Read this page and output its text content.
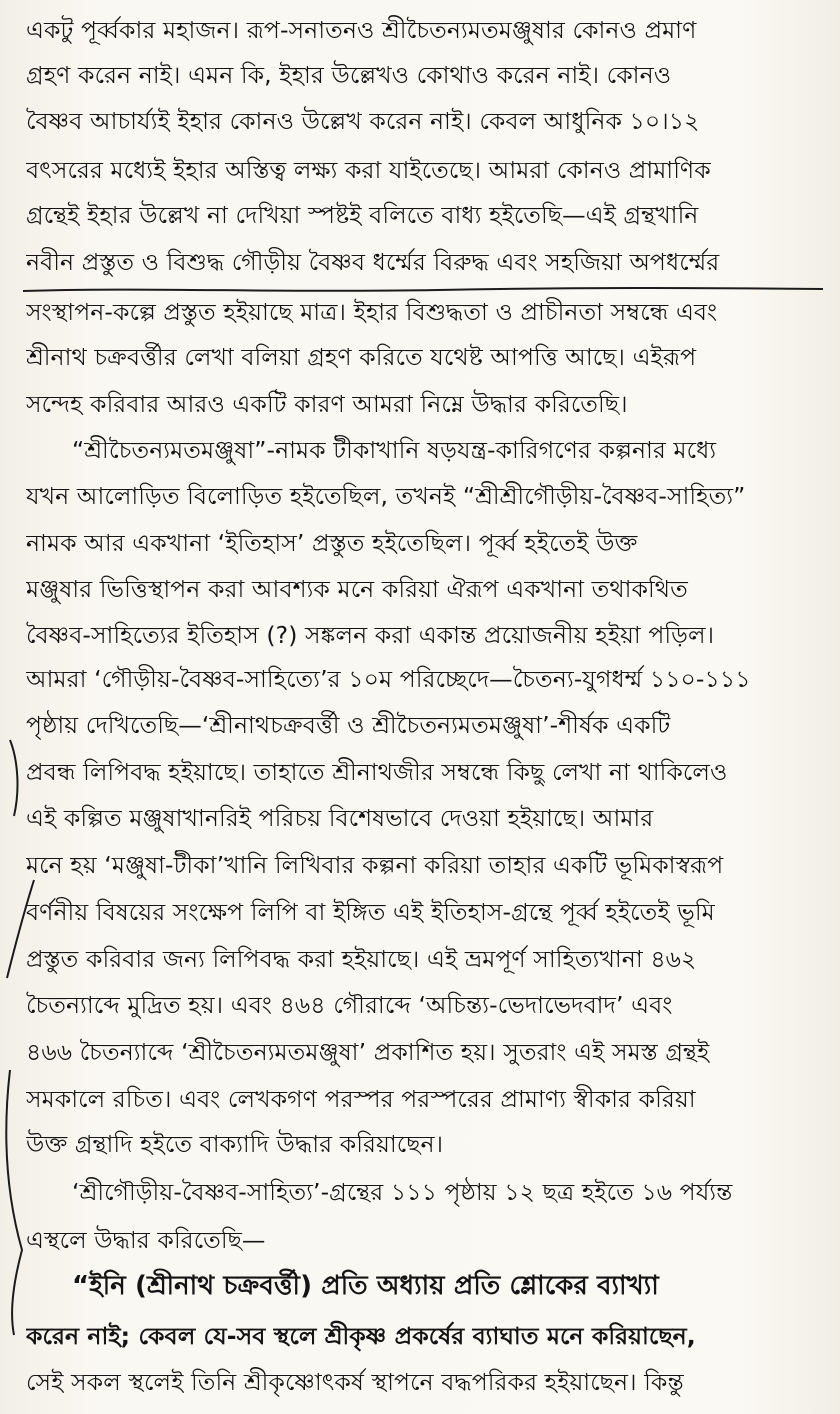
একটু পূর্ব্বকার মহাজন। রূপ-সনাতনও শ্রীচৈতন্যমতমঞ্জুষার কোনও প্রমাণ
গ্রহণ করেন নাই। এমন কি, ইহার উল্লেখও কোথাও করেন নাই। কোনও
বৈষ্ণব আচার্য্যই ইহার কোনও উল্লেখ করেন নাই। কেবল আধুনিক ১০।১২
বৎসরের মধ্যেই ইহার অস্তিত্ব লক্ষ্য করা যাইতেছে। আমরা কোনও প্রামাণিক
গ্রন্থেই ইহার উল্লেখ না দেখিয়া স্পষ্টই বলিতে বাধ্য হইতেছি—এই গ্রন্থখানি
নবীন প্রস্তুত ও বিশুদ্ধ গৌড়ীয় বৈষ্ণব ধর্ম্মের বিরুদ্ধ এবং সহজিয়া অপধর্ম্মের
সংস্থাপন-কল্পে প্রস্তুত হইয়াছে মাত্র। ইহার বিশুদ্ধতা ও প্রাচীনতা সম্বন্ধে এবং
শ্রীনাথ চক্রবর্ত্তীর লেখা বলিয়া গ্রহণ করিতে যথেষ্ট আপত্তি আছে। এইরূপ
সন্দেহ করিবার আরও একটি কারণ আমরা নিম্নে উদ্ধার করিতেছি।
“শ্রীচৈতন্যমতমঞ্জুষা”-নামক টীকাখানি ষড়যন্ত্র-কারিগণের কল্পনার মধ্যে
যখন আলোড়িত বিলোড়িত হইতেছিল, তখনই “শ্রীশ্রীগৌড়ীয়-বৈষ্ণব-সাহিত্য”
নামক আর একখানা ‘ইতিহাস’ প্রস্তুত হইতেছিল। পূর্ব্ব হইতেই উক্ত
মঞ্জুষার ভিত্তিস্থাপন করা আবশ্যক মনে করিয়া ঐরূপ একখানা তথাকথিত
বৈষ্ণব-সাহিত্যের ইতিহাস (?) সঙ্কলন করা একান্ত প্রয়োজনীয় হইয়া পড়িল।
আমরা ‘গৌড়ীয়-বৈষ্ণব-সাহিত্যে’র ১০ম পরিচ্ছেদে—চৈতন্য-যুগধর্ম্ম ১১০-১১১
পৃষ্ঠায় দেখিতেছি—‘শ্রীনাথচক্রবর্ত্তী ও শ্রীচৈতন্যমতমঞ্জুষা’-শীর্ষক একটি
প্রবন্ধ লিপিবদ্ধ হইয়াছে। তাহাতে শ্রীনাথজীর সম্বন্ধে কিছু লেখা না থাকিলেও
এই কল্পিত মঞ্জুষাখানরিই পরিচয় বিশেষভাবে দেওয়া হইয়াছে। আমার
মনে হয় ‘মঞ্জুষা-টীকা’খানি লিখিবার কল্পনা করিয়া তাহার একটি ভূমিকাস্বরূপ
বর্ণনীয় বিষয়ের সংক্ষেপ লিপি বা ইঙ্গিত এই ইতিহাস-গ্রন্থে পূর্ব্ব হইতেই ভূমি
প্রস্তুত করিবার জন্য লিপিবদ্ধ করা হইয়াছে। এই ভ্রমপূর্ণ সাহিত্যখানা ৪৬২
চৈতন্যাব্দে মুদ্রিত হয়। এবং ৪৬৪ গৌরাব্দে ‘অচিন্ত্য-ভেদাভেদবাদ’ এবং
৪৬৬ চৈতন্যাব্দে ‘শ্রীচৈতন্যমতমঞ্জুষা’ প্রকাশিত হয়। সুতরাং এই সমস্ত গ্রন্থই
সমকালে রচিত। এবং লেখকগণ পরস্পর পরস্পরের প্রামাণ্য স্বীকার করিয়া
উক্ত গ্রন্থাদি হইতে বাক্যাদি উদ্ধার করিয়াছেন।
‘শ্রীগৌড়ীয়-বৈষ্ণব-সাহিত্য’-গ্রন্থের ১১১ পৃষ্ঠায় ১২ ছত্র হইতে ১৬ পর্য্যন্ত
এস্থলে উদ্ধার করিতেছি—
“ইনি (শ্রীনাথ চক্রবর্ত্তী) প্রতি অধ্যায় প্রতি শ্লোকের ব্যাখ্যা
করেন নাই; কেবল যে-সব স্থলে শ্রীকৃষ্ণ প্রকর্ষের ব্যাঘাত মনে করিয়াছেন,
সেই সকল স্থলেই তিনি শ্রীকৃষ্ণোৎকর্ষ স্থাপনে বদ্ধপরিকর হইয়াছেন। কিন্তু
